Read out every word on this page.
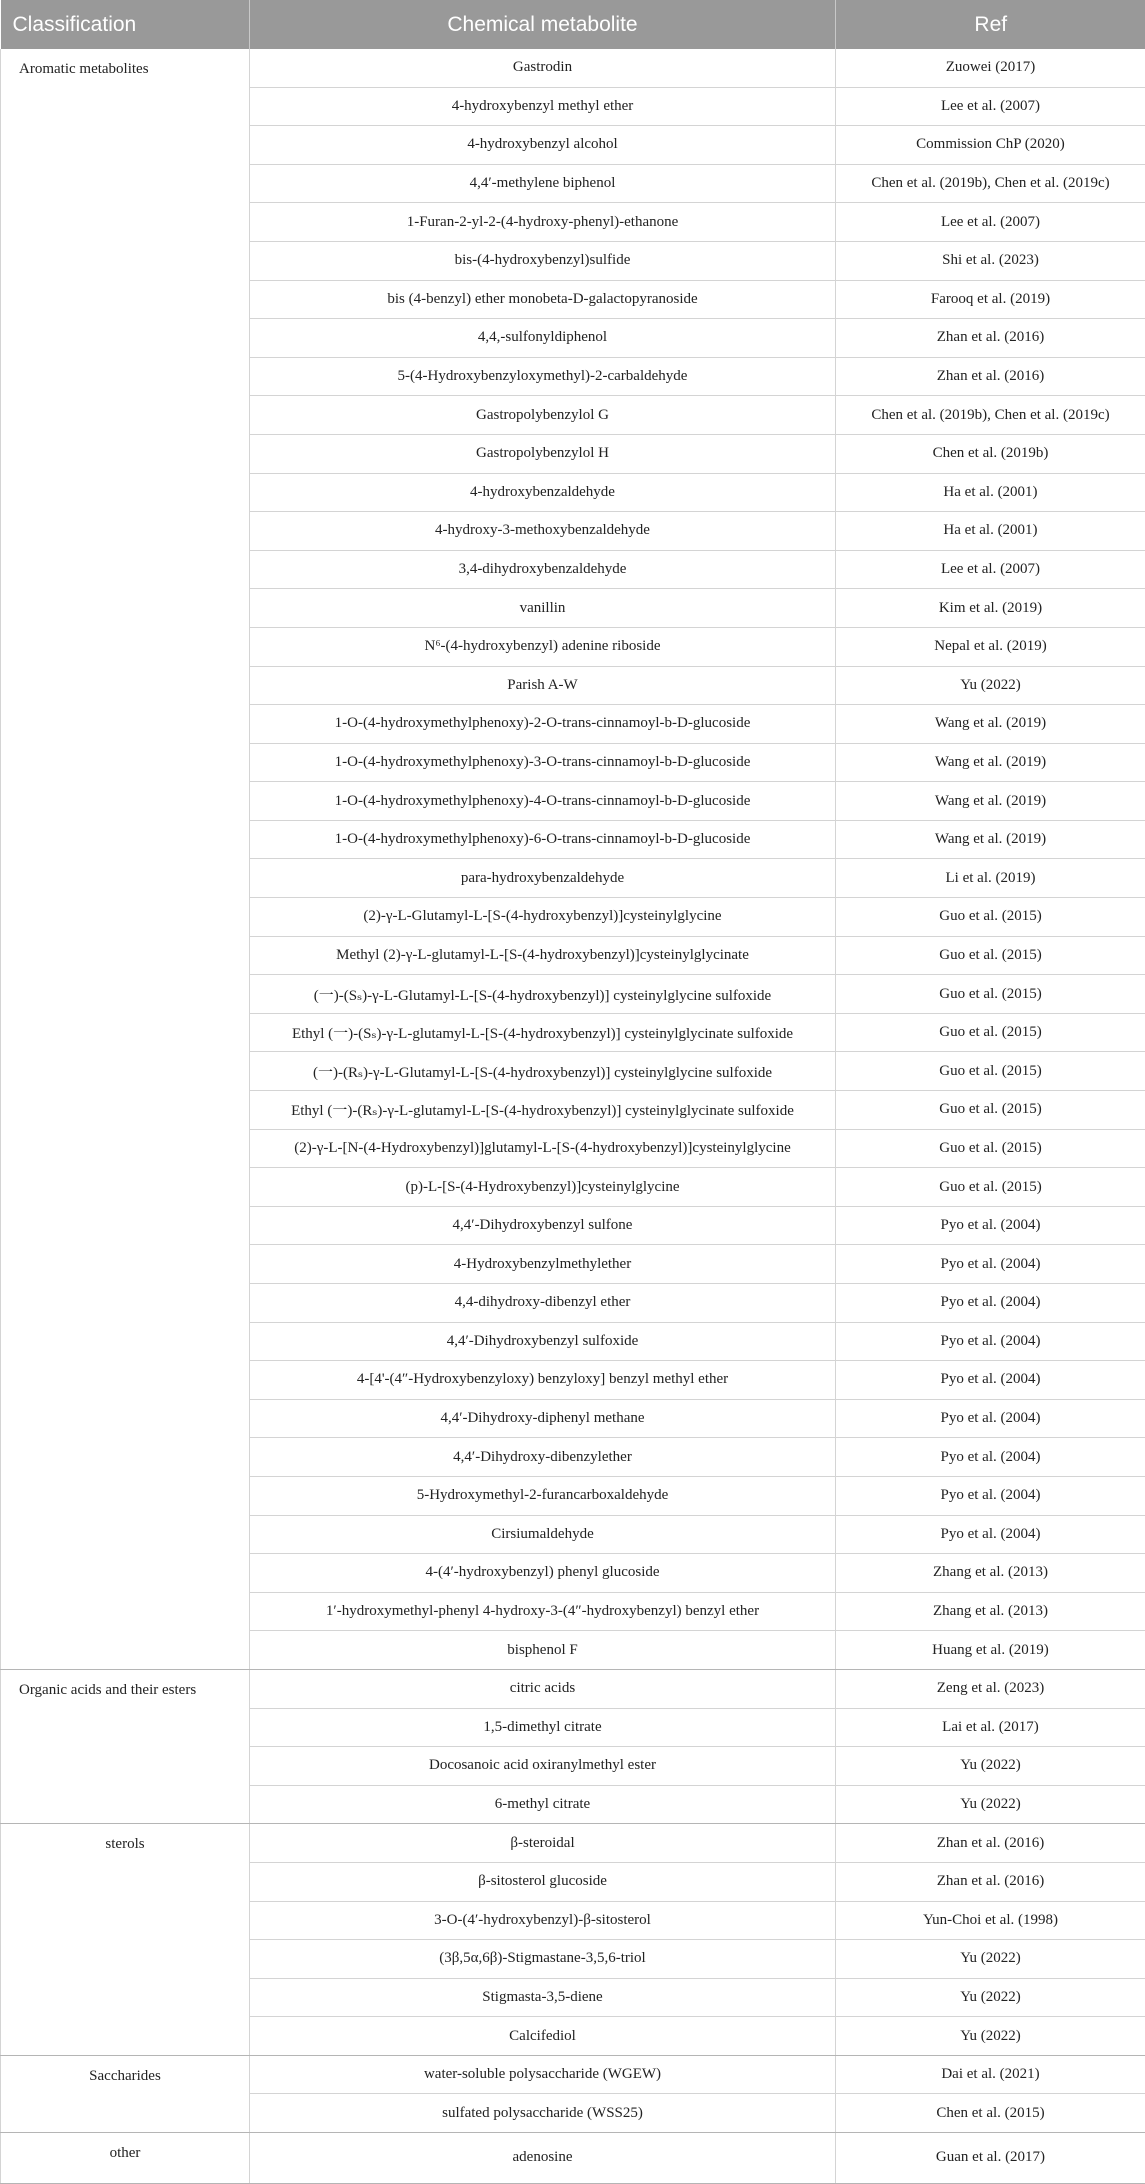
Classification	Chemical metabolite	Ref
Aromatic metabolites	Gastrodin	Zuowei (2017)
	4-hydroxybenzyl methyl ether	Lee et al. (2007)
	4-hydroxybenzyl alcohol	Commission ChP (2020)
	4,4′-methylene biphenol	Chen et al. (2019b), Chen et al. (2019c)
	1-Furan-2-yl-2-(4-hydroxy-phenyl)-ethanone	Lee et al. (2007)
	bis-(4-hydroxybenzyl)sulfide	Shi et al. (2023)
	bis (4-benzyl) ether monobeta-D-galactopyranoside	Farooq et al. (2019)
	4,4,-sulfonyldiphenol	Zhan et al. (2016)
	5-(4-Hydroxybenzyloxymethyl)-2-carbaldehyde	Zhan et al. (2016)
	Gastropolybenzylol G	Chen et al. (2019b), Chen et al. (2019c)
	Gastropolybenzylol H	Chen et al. (2019b)
	4-hydroxybenzaldehyde	Ha et al. (2001)
	4-hydroxy-3-methoxybenzaldehyde	Ha et al. (2001)
	3,4-dihydroxybenzaldehyde	Lee et al. (2007)
	vanillin	Kim et al. (2019)
	N⁶-(4-hydroxybenzyl) adenine riboside	Nepal et al. (2019)
	Parish A-W	Yu (2022)
	1-O-(4-hydroxymethylphenoxy)-2-O-trans-cinnamoyl-b-D-glucoside	Wang et al. (2019)
	1-O-(4-hydroxymethylphenoxy)-3-O-trans-cinnamoyl-b-D-glucoside	Wang et al. (2019)
	1-O-(4-hydroxymethylphenoxy)-4-O-trans-cinnamoyl-b-D-glucoside	Wang et al. (2019)
	1-O-(4-hydroxymethylphenoxy)-6-O-trans-cinnamoyl-b-D-glucoside	Wang et al. (2019)
	para-hydroxybenzaldehyde	Li et al. (2019)
	(2)-γ-L-Glutamyl-L-[S-(4-hydroxybenzyl)]cysteinylglycine	Guo et al. (2015)
	Methyl (2)-γ-L-glutamyl-L-[S-(4-hydroxybenzyl)]cysteinylglycinate	Guo et al. (2015)
	(一)-(Sₛ)-γ-L-Glutamyl-L-[S-(4-hydroxybenzyl)] cysteinylglycine sulfoxide	Guo et al. (2015)
	Ethyl (一)-(Sₛ)-γ-L-glutamyl-L-[S-(4-hydroxybenzyl)] cysteinylglycinate sulfoxide	Guo et al. (2015)
	(一)-(Rₛ)-γ-L-Glutamyl-L-[S-(4-hydroxybenzyl)] cysteinylglycine sulfoxide	Guo et al. (2015)
	Ethyl (一)-(Rₛ)-γ-L-glutamyl-L-[S-(4-hydroxybenzyl)] cysteinylglycinate sulfoxide	Guo et al. (2015)
	(2)-γ-L-[N-(4-Hydroxybenzyl)]glutamyl-L-[S-(4-hydroxybenzyl)]cysteinylglycine	Guo et al. (2015)
	(p)-L-[S-(4-Hydroxybenzyl)]cysteinylglycine	Guo et al. (2015)
	4,4′-Dihydroxybenzyl sulfone	Pyo et al. (2004)
	4-Hydroxybenzylmethylether	Pyo et al. (2004)
	4,4-dihydroxy-dibenzyl ether	Pyo et al. (2004)
	4,4′-Dihydroxybenzyl sulfoxide	Pyo et al. (2004)
	4-[4'-(4″-Hydroxybenzyloxy) benzyloxy] benzyl methyl ether	Pyo et al. (2004)
	4,4′-Dihydroxy-diphenyl methane	Pyo et al. (2004)
	4,4′-Dihydroxy-dibenzylether	Pyo et al. (2004)
	5-Hydroxymethyl-2-furancarboxaldehyde	Pyo et al. (2004)
	Cirsiumaldehyde	Pyo et al. (2004)
	4-(4′-hydroxybenzyl) phenyl glucoside	Zhang et al. (2013)
	1′-hydroxymethyl-phenyl 4-hydroxy-3-(4″-hydroxybenzyl) benzyl ether	Zhang et al. (2013)
	bisphenol F	Huang et al. (2019)
Organic acids and their esters	citric acids	Zeng et al. (2023)
	1,5-dimethyl citrate	Lai et al. (2017)
	Docosanoic acid oxiranylmethyl ester	Yu (2022)
	6-methyl citrate	Yu (2022)
sterols	β-steroidal	Zhan et al. (2016)
	β-sitosterol glucoside	Zhan et al. (2016)
	3-O-(4′-hydroxybenzyl)-β-sitosterol	Yun-Choi et al. (1998)
	(3β,5α,6β)-Stigmastane-3,5,6-triol	Yu (2022)
	Stigmasta-3,5-diene	Yu (2022)
	Calcifediol	Yu (2022)
Saccharides	water-soluble polysaccharide (WGEW)	Dai et al. (2021)
	sulfated polysaccharide (WSS25)	Chen et al. (2015)
other	adenosine	Guan et al. (2017)
